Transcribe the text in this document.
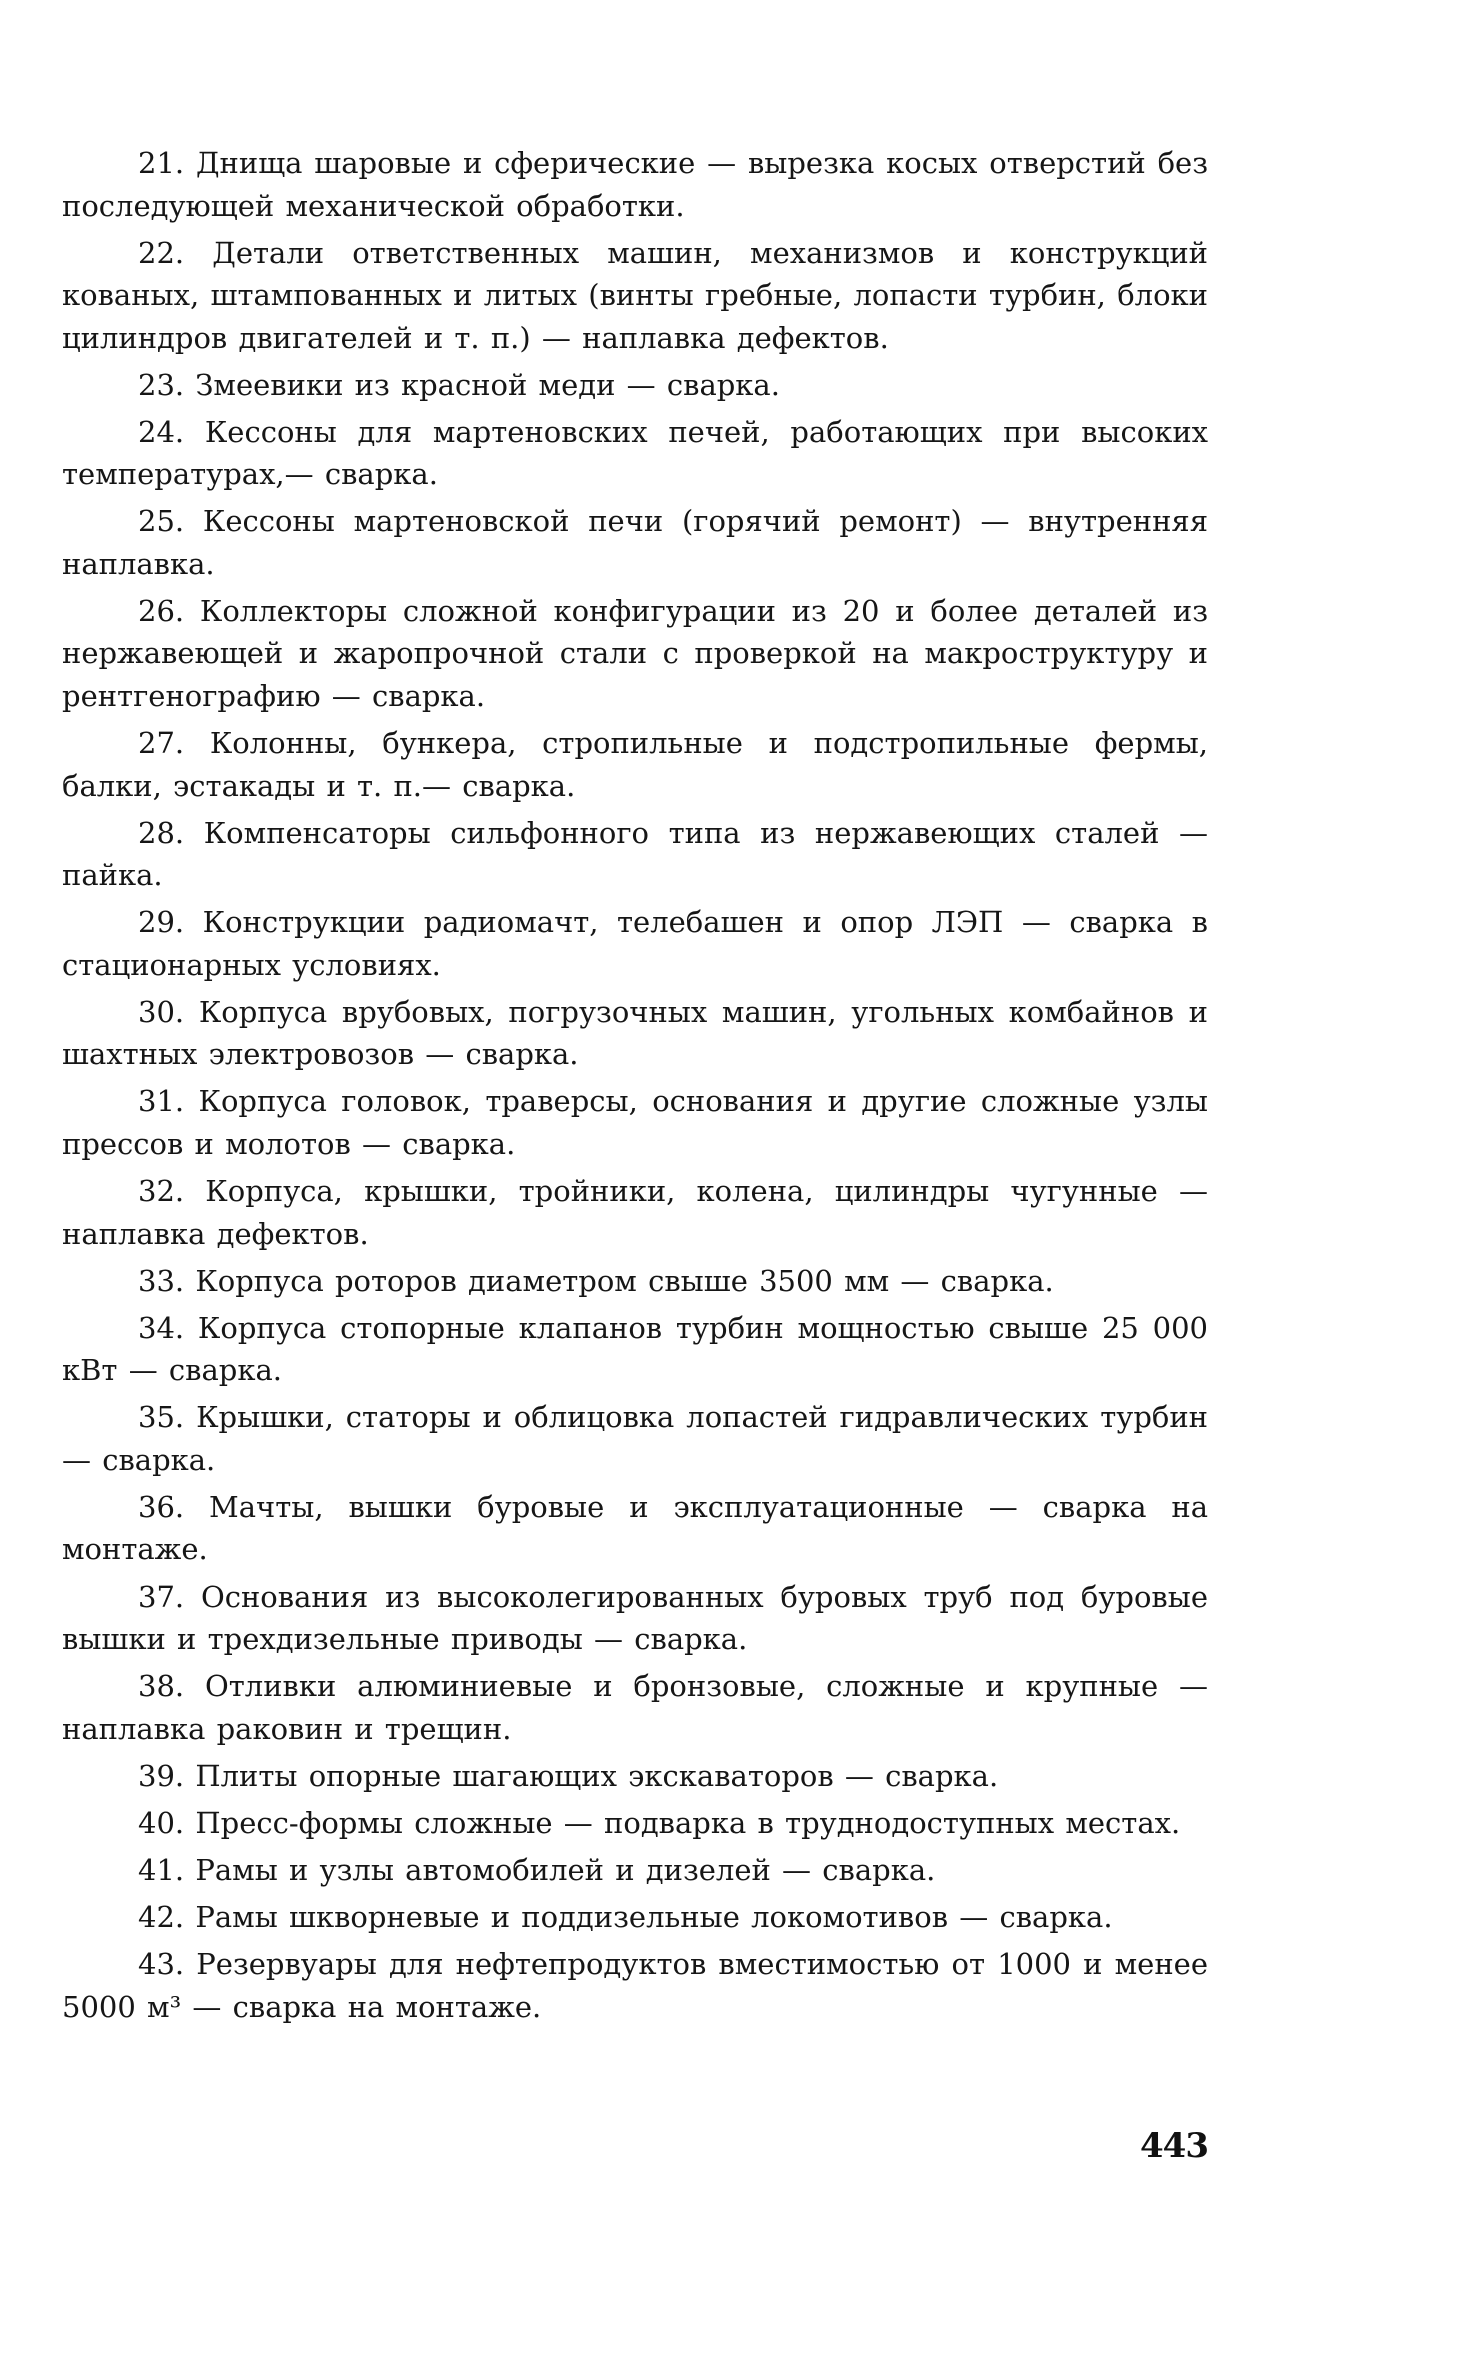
21. Днища шаровые и сферические — вырезка косых отверстий без последующей механической обработки.

22. Детали ответственных машин, механизмов и конструкций кованых, штампованных и литых (винты гребные, лопасти турбин, блоки цилиндров двигателей и т. п.) — наплавка дефектов.

23. Змеевики из красной меди — сварка.

24. Кессоны для мартеновских печей, работающих при высоких температурах,— сварка.

25. Кессоны мартеновской печи (горячий ремонт) — внутренняя наплавка.

26. Коллекторы сложной конфигурации из 20 и более деталей из нержавеющей и жаропрочной стали с проверкой на макроструктуру и рентгенографию — сварка.

27. Колонны, бункера, стропильные и подстропильные фермы, балки, эстакады и т. п.— сварка.

28. Компенсаторы сильфонного типа из нержавеющих сталей — пайка.

29. Конструкции радиомачт, телебашен и опор ЛЭП — сварка в стационарных условиях.

30. Корпуса врубовых, погрузочных машин, угольных комбайнов и шахтных электровозов — сварка.

31. Корпуса головок, траверсы, основания и другие сложные узлы прессов и молотов — сварка.

32. Корпуса, крышки, тройники, колена, цилиндры чугунные — наплавка дефектов.

33. Корпуса роторов диаметром свыше 3500 мм — сварка.

34. Корпуса стопорные клапанов турбин мощностью свыше 25 000 кВт — сварка.

35. Крышки, статоры и облицовка лопастей гидравлических турбин — сварка.

36. Мачты, вышки буровые и эксплуатационные — сварка на монтаже.

37. Основания из высоколегированных буровых труб под буровые вышки и трехдизельные приводы — сварка.

38. Отливки алюминиевые и бронзовые, сложные и крупные — наплавка раковин и трещин.

39. Плиты опорные шагающих экскаваторов — сварка.

40. Пресс-формы сложные — подварка в труднодоступных местах.

41. Рамы и узлы автомобилей и дизелей — сварка.

42. Рамы шкворневые и поддизельные локомотивов — сварка.

43. Резервуары для нефтепродуктов вместимостью от 1000 и менее 5000 м³ — сварка на монтаже.

443
